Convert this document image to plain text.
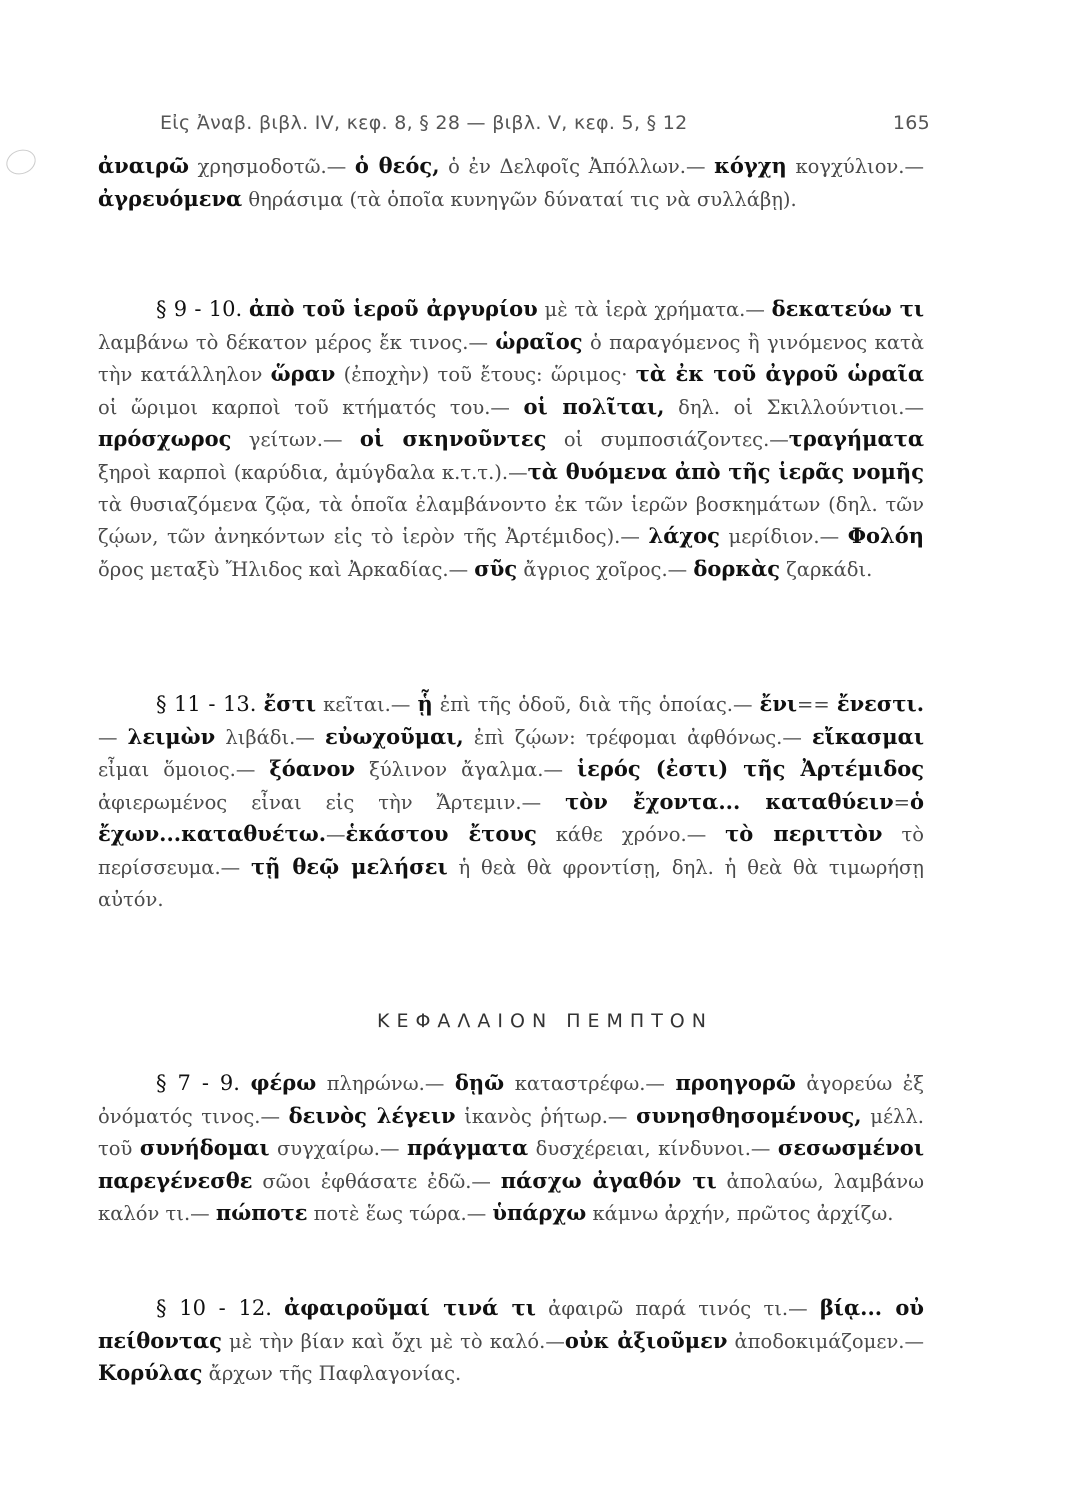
Εἰς Ἀναβ. βιβλ. IV, κεφ. 8, § 28 — βιβλ. V, κεφ. 5, § 12	165

ἀναιρῶ χρησμοδοτῶ.— ὁ θεός, ὁ ἐν Δελφοῖς Ἀπόλλων.— κόγχη κογχύλιον.— ἀγρευόμενα θηράσιμα (τὰ ὁποῖα κυνηγῶν δύναταί τις νὰ συλλάβῃ).

§ 9 - 10. ἀπὸ τοῦ ἱεροῦ ἀργυρίου μὲ τὰ ἱερὰ χρήματα.— δεκατεύω τι λαμβάνω τὸ δέκατον μέρος ἔκ τινος.— ὡραῖος ὁ παραγόμενος ἢ γινόμενος κατὰ τὴν κατάλληλον ὥραν (ἐποχὴν) τοῦ ἔτους: ὥριμος· τὰ ἐκ τοῦ ἀγροῦ ὡραῖα οἱ ὥριμοι καρποὶ τοῦ κτήματός του.— οἱ πολῖται, δηλ. οἱ Σκιλλούντιοι.— πρόσχωρος γείτων.— οἱ σκηνοῦντες οἱ συμποσιάζοντες.—τραγήματα ξηροὶ καρποὶ (καρύδια, ἀμύγδαλα κ.τ.τ.).—τὰ θυόμενα ἀπὸ τῆς ἱερᾶς νομῆς τὰ θυσιαζόμενα ζῷα, τὰ ὁποῖα ἐλαμβάνοντο ἐκ τῶν ἱερῶν βοσκημάτων (δηλ. τῶν ζῴων, τῶν ἀνηκόντων εἰς τὸ ἱερὸν τῆς Ἀρτέμιδος).— λάχος μερίδιον.— Φολόη ὄρος μεταξὺ Ἤλιδος καὶ Ἀρκαδίας.— σῦς ἄγριος χοῖρος.— δορκὰς ζαρκάδι.

§ 11 - 13. ἔστι κεῖται.— ᾗ ἐπὶ τῆς ὁδοῦ, διὰ τῆς ὁποίας.— ἔνι== ἔνεστι.— λειμὼν λιβάδι.— εὐωχοῦμαι, ἐπὶ ζῴων: τρέφομαι ἀφθόνως.— εἴκασμαι εἶμαι ὅμοιος.— ξόανον ξύλινον ἄγαλμα.— ἱερός (ἐστι) τῆς Ἀρτέμιδος ἀφιερωμένος εἶναι εἰς τὴν Ἄρτεμιν.— τὸν ἔχοντα... καταθύειν=ὁ ἔχων...καταθυέτω.—ἑκάστου ἔτους κάθε χρόνο.— τὸ περιττὸν τὸ περίσσευμα.— τῇ θεῷ μελήσει ἡ θεὰ θὰ φροντίσῃ, δηλ. ἡ θεὰ θὰ τιμωρήσῃ αὐτόν.

ΚΕΦΑΛΑΙΟΝ ΠΕΜΠΤΟΝ

§ 7 - 9. φέρω πληρώνω.— δῃῶ καταστρέφω.— προηγορῶ ἀγορεύω ἐξ ὀνόματός τινος.— δεινὸς λέγειν ἱκανὸς ῥήτωρ.— συνησθησομένους, μέλλ. τοῦ συνήδομαι συγχαίρω.— πράγματα δυσχέρειαι, κίνδυνοι.— σεσωσμένοι παρεγένεσθε σῶοι ἐφθάσατε ἐδῶ.— πάσχω ἀγαθόν τι ἀπολαύω, λαμβάνω καλόν τι.— πώποτε ποτὲ ἕως τώρα.— ὑπάρχω κάμνω ἀρχήν, πρῶτος ἀρχίζω.

§ 10 - 12. ἀφαιροῦμαί τινά τι ἀφαιρῶ παρά τινός τι.— βίᾳ... οὐ πείθοντας μὲ τὴν βίαν καὶ ὄχι μὲ τὸ καλό.—οὐκ ἀξιοῦμεν ἀποδοκιμάζομεν.— Κορύλας ἄρχων τῆς Παφλαγονίας.
